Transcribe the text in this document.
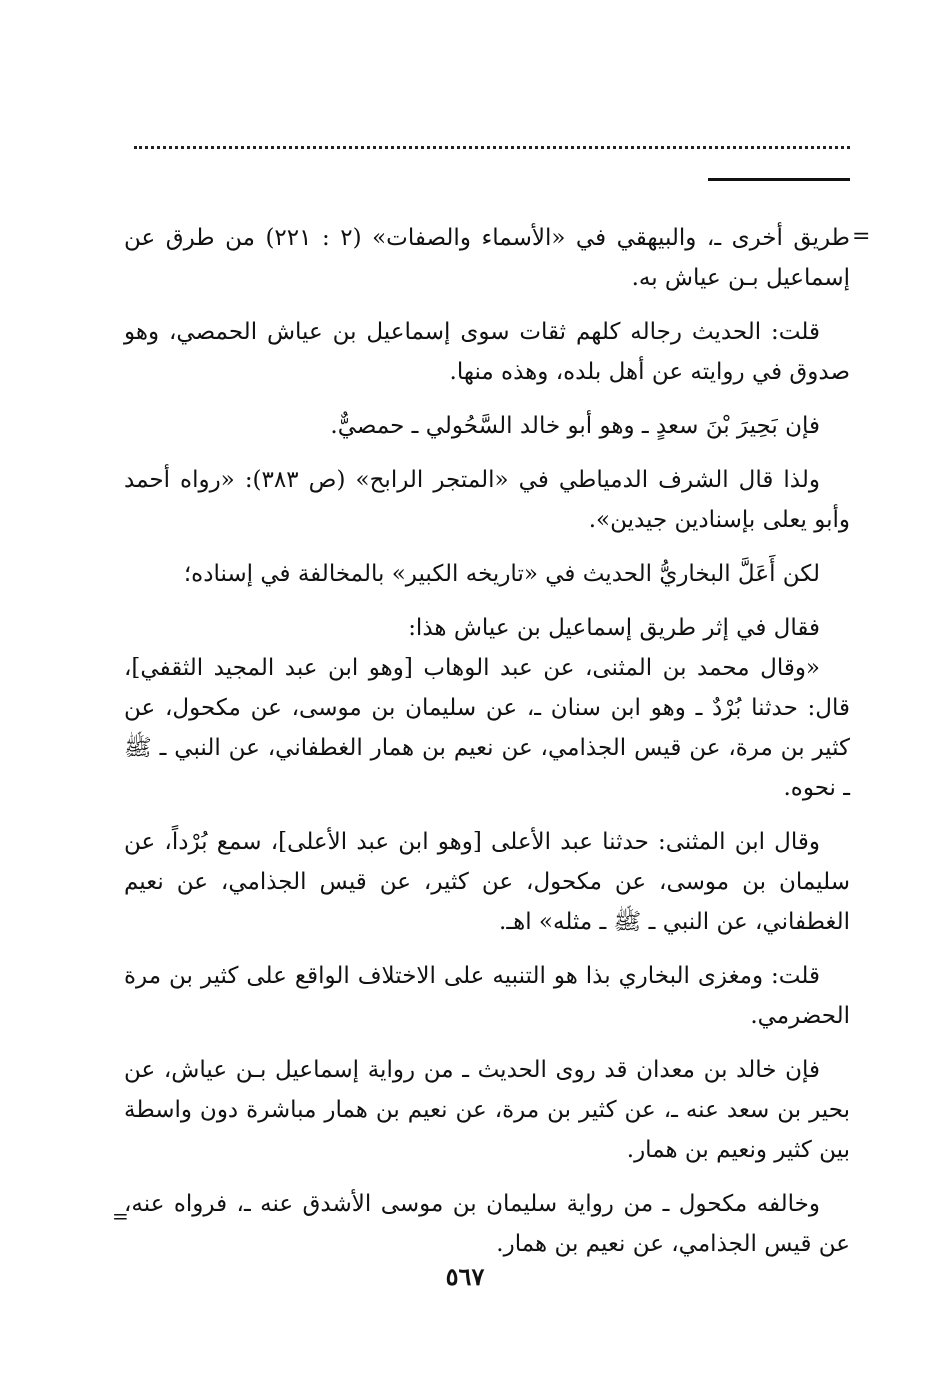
=

طريق أخرى ـ، والبيهقي في «الأسماء والصفات» (٢ : ٢٢١) من طرق عن إسماعيل بـن عياش به.

قلت: الحديث رجاله كلهم ثقات سوى إسماعيل بن عياش الحمصي، وهو صدوق في روايته عن أهل بلده، وهذه منها.

فإن بَحِيرَ بْنَ سعدٍ ـ وهو أبو خالد السَّحُولي ـ حمصيٌّ.

ولذا قال الشرف الدمياطي في «المتجر الرابح» (ص ٣٨٣): «رواه أحمد وأبو يعلى بإسنادين جيدين».

لكن أَعَلَّ البخاريُّ الحديث في «تاريخه الكبير» بالمخالفة في إسناده؛

فقال في إثر طريق إسماعيل بن عياش هذا:

«وقال محمد بن المثنى، عن عبد الوهاب [وهو ابن عبد المجيد الثقفي]، قال: حدثنا بُرْدٌ ـ وهو ابن سنان ـ، عن سليمان بن موسى، عن مكحول، عن كثير بن مرة، عن قيس الجذامي، عن نعيم بن همار الغطفاني، عن النبي ـ ﷺ ـ نحوه.

وقال ابن المثنى: حدثنا عبد الأعلى [وهو ابن عبد الأعلى]، سمع بُرْداً، عن سليمان بن موسى، عن مكحول، عن كثير، عن قيس الجذامي، عن نعيم الغطفاني، عن النبي ـ ﷺ ـ مثله» اهـ.

قلت: ومغزى البخاري بذا هو التنبيه على الاختلاف الواقع على كثير بن مرة الحضرمي.

فإن خالد بن معدان قد روى الحديث ـ من رواية إسماعيل بـن عياش، عن بحير بن سعد عنه ـ، عن كثير بن مرة، عن نعيم بن همار مباشرة دون واسطة بين كثير ونعيم بن همار.

وخالفه مكحول ـ من رواية سليمان بن موسى الأشدق عنه ـ، فرواه عنه، عن قيس الجذامي، عن نعيم بن همار.

=
٥٦٧
